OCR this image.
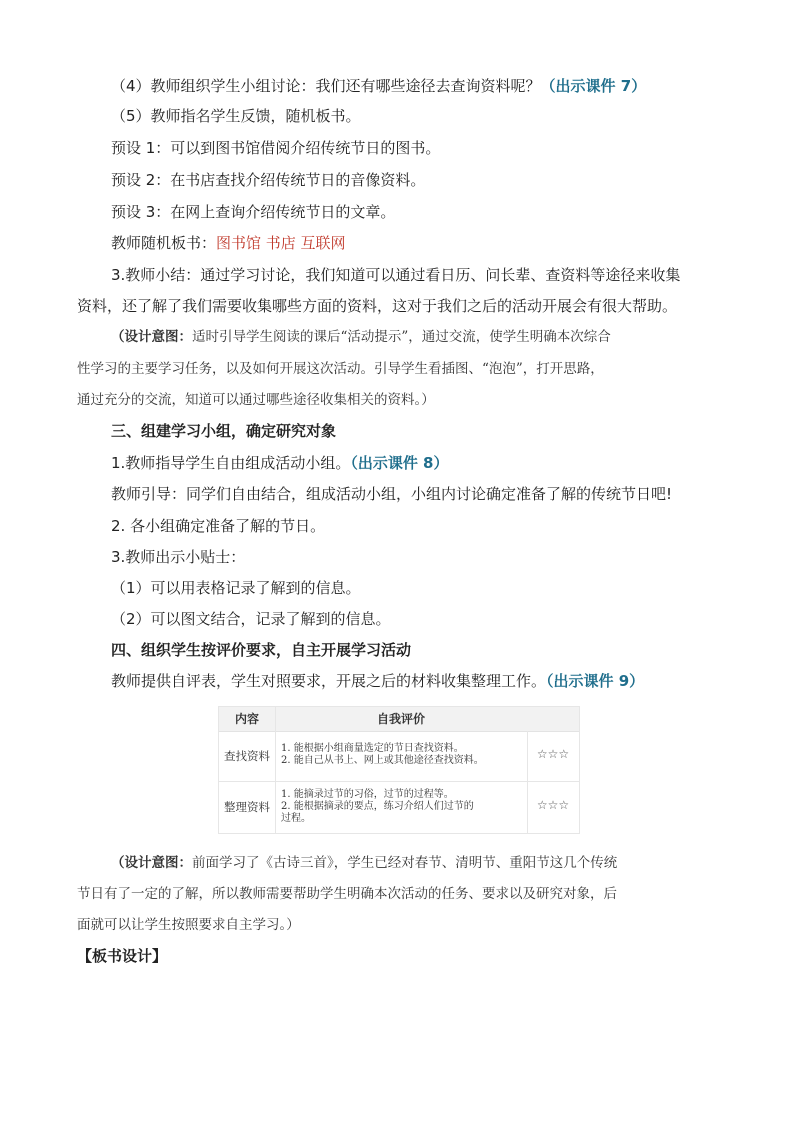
（4）教师组织学生小组讨论：我们还有哪些途径去查询资料呢？（出示课件 7）
（5）教师指名学生反馈，随机板书。
预设 1：可以到图书馆借阅介绍传统节日的图书。
预设 2：在书店查找介绍传统节日的音像资料。
预设 3：在网上查询介绍传统节日的文章。
教师随机板书：图书馆 书店 互联网
3.教师小结：通过学习讨论，我们知道可以通过看日历、问长辈、查资料等途径来收集
资料，还了解了我们需要收集哪些方面的资料，这对于我们之后的活动开展会有很大帮助。
（设计意图：适时引导学生阅读的课后“活动提示”，通过交流，使学生明确本次综合
性学习的主要学习任务，以及如何开展这次活动。引导学生看插图、“泡泡”，打开思路，
通过充分的交流，知道可以通过哪些途径收集相关的资料。）
三、组建学习小组，确定研究对象
1.教师指导学生自由组成活动小组。（出示课件 8）
教师引导：同学们自由结合，组成活动小组，小组内讨论确定准备了解的传统节日吧!
2. 各小组确定准备了解的节日。
3.教师出示小贴士：
（1）可以用表格记录了解到的信息。
（2）可以图文结合，记录了解到的信息。
四、组织学生按评价要求，自主开展学习活动
教师提供自评表，学生对照要求，开展之后的材料收集整理工作。（出示课件 9）
内容	自我评价
查找资料
1. 能根据小组商量选定的节日查找资料。
2. 能自己从书上、网上或其他途径查找资料。	☆☆☆
整理资料
1. 能摘录过节的习俗，过节的过程等。
2. 能根据摘录的要点，练习介绍人们过节的
过程。
☆☆☆
（设计意图：前面学习了《古诗三首》，学生已经对春节、清明节、重阳节这几个传统
节日有了一定的了解，所以教师需要帮助学生明确本次活动的任务、要求以及研究对象，后
面就可以让学生按照要求自主学习。）
【板书设计】
